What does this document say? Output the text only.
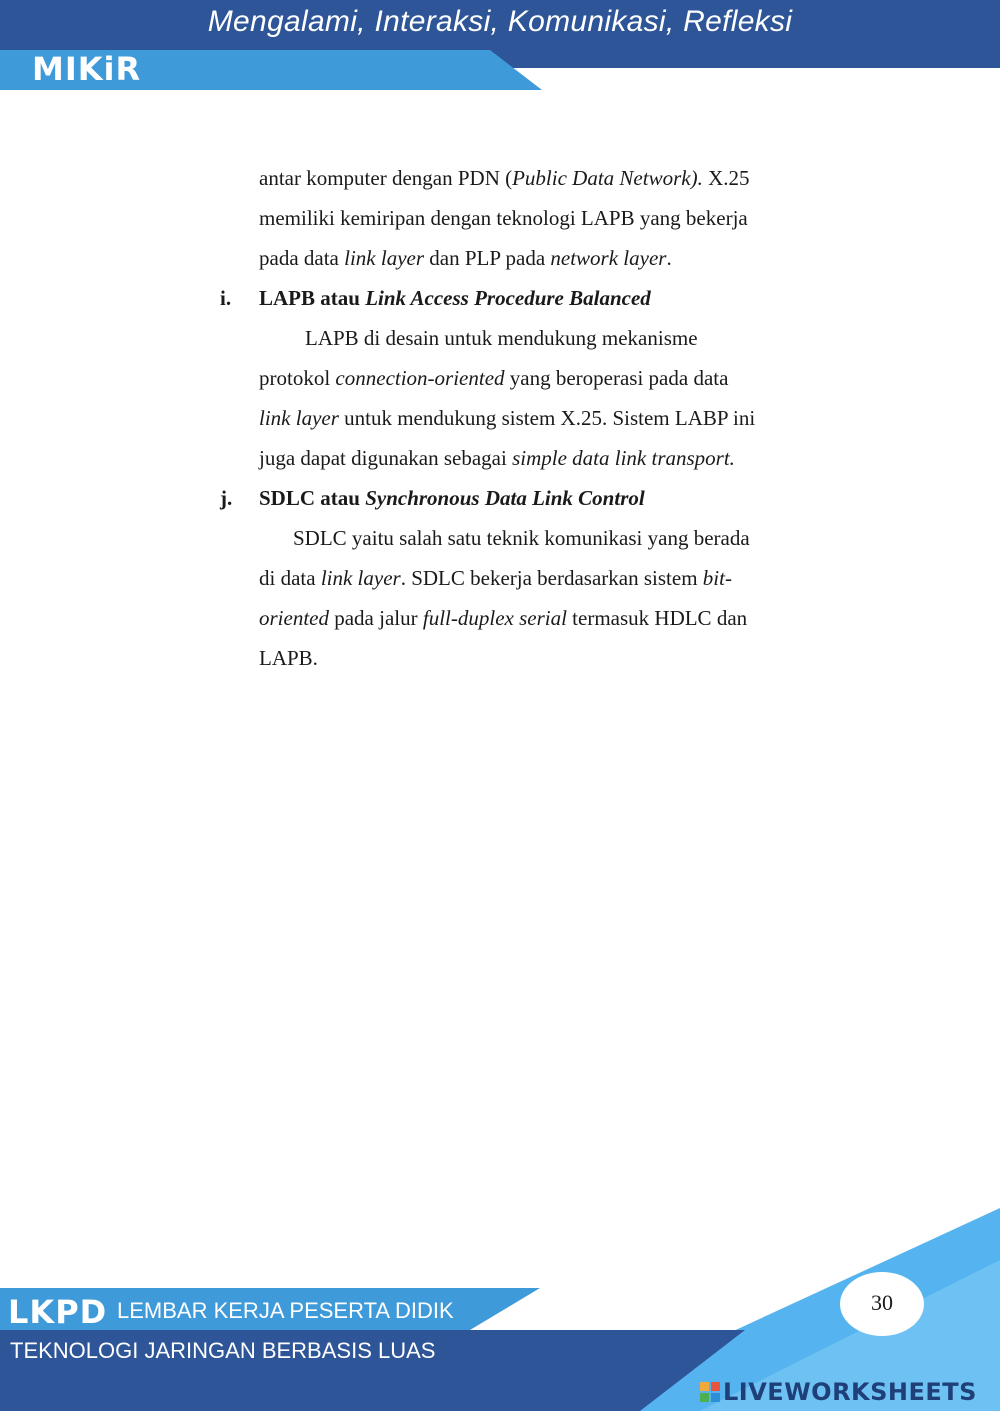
Mengalami, Interaksi, Komunikasi, Refleksi
MIKiR
antar komputer dengan PDN (Public Data Network). X.25
memiliki kemiripan dengan teknologi LAPB yang bekerja
pada data link layer dan PLP pada network layer.
i. LAPB atau Link Access Procedure Balanced
LAPB di desain untuk mendukung mekanisme
protokol connection-oriented yang beroperasi pada data
link layer untuk mendukung sistem X.25. Sistem LABP ini
juga dapat digunakan sebagai simple data link transport.
j. SDLC atau Synchronous Data Link Control
SDLC yaitu salah satu teknik komunikasi yang berada
di data link layer. SDLC bekerja berdasarkan sistem bit-
oriented pada jalur full-duplex serial termasuk HDLC dan
LAPB.
LKPD LEMBAR KERJA PESERTA DIDIK
TEKNOLOGI JARINGAN BERBASIS LUAS
30
LIVEWORKSHEETS
